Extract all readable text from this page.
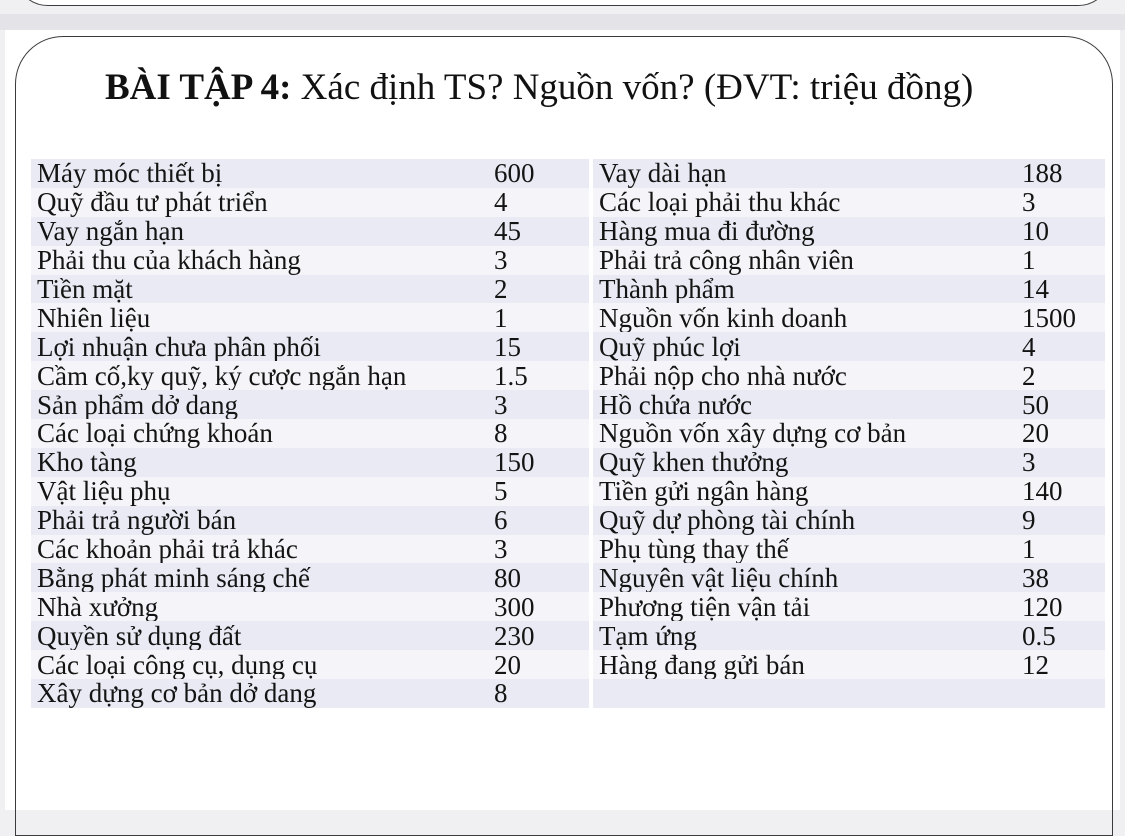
BÀI TẬP 4: Xác định TS? Nguồn vốn? (ĐVT: triệu đồng)
Máy móc thiết bị	600		Vay dài hạn	188
Quỹ đầu tư phát triển	4		Các loại phải thu khác	3
Vay ngắn hạn	45		Hàng mua đi đường	10
Phải thu của khách hàng	3		Phải trả công nhân viên	1
Tiền mặt	2		Thành phẩm	14
Nhiên liệu	1		Nguồn vốn kinh doanh	1500
Lợi nhuận chưa phân phối	15		Quỹ phúc lợi	4
Cầm cố,ky quỹ, ký cược ngắn hạn	1.5		Phải nộp cho nhà nước	2
Sản phẩm dở dang	3		Hồ chứa nước	50
Các loại chứng khoán	8		Nguồn vốn xây dựng cơ bản	20
Kho tàng	150		Quỹ khen thưởng	3
Vật liệu phụ	5		Tiền gửi ngân hàng	140
Phải trả người bán	6		Quỹ dự phòng tài chính	9
Các khoản phải trả khác	3		Phụ tùng thay thế	1
Bằng phát minh sáng chế	80		Nguyên vật liệu chính	38
Nhà xưởng	300		Phương tiện vận tải	120
Quyền sử dụng đất	230		Tạm ứng	0.5
Các loại công cụ, dụng cụ	20		Hàng đang gửi bán	12
Xây dựng cơ bản dở dang	8			
